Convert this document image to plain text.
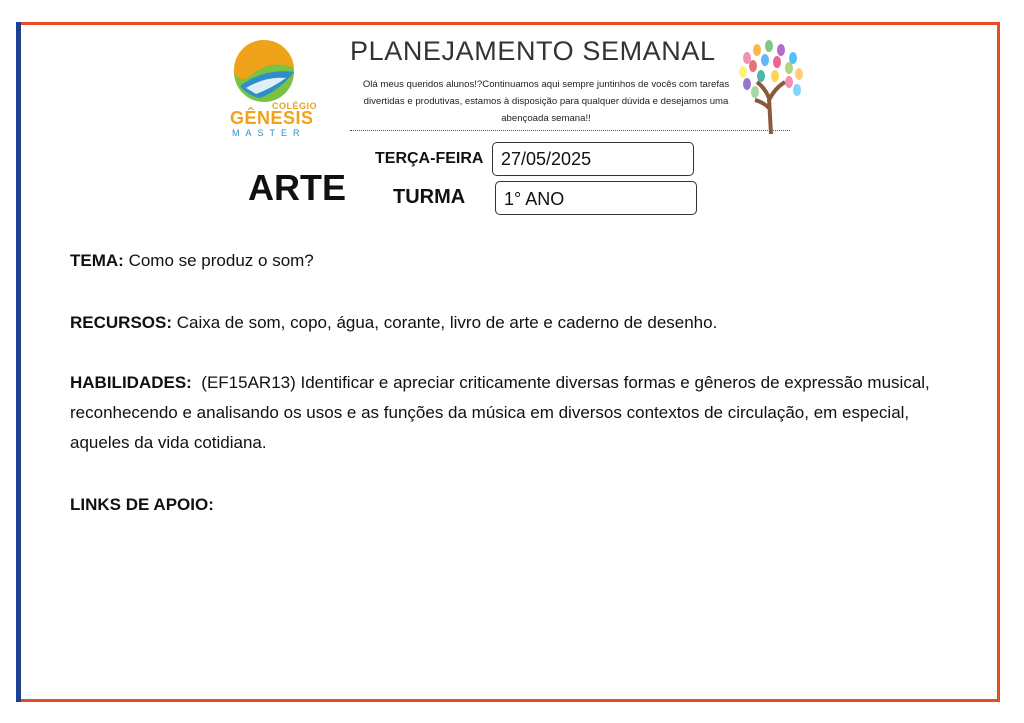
COLÉGIO
GÊNESIS
MASTER
PLANEJAMENTO SEMANAL
Olá meus queridos alunos!?Continuamos aqui sempre juntinhos de vocês com tarefas divertidas e produtivas, estamos à disposição para qualquer dúvida e desejamos uma abençoada semana!!
ARTE
TERÇA-FEIRA 27/05/2025
TURMA	1° ANO
TEMA: Como se produz o som?
RECURSOS: Caixa de som, copo, água, corante, livro de arte e caderno de desenho.
HABILIDADES: (EF15AR13) Identificar e apreciar criticamente diversas formas e gêneros de expressão musical, reconhecendo e analisando os usos e as funções da música em diversos contextos de circulação, em especial, aqueles da vida cotidiana.
LINKS DE APOIO:
